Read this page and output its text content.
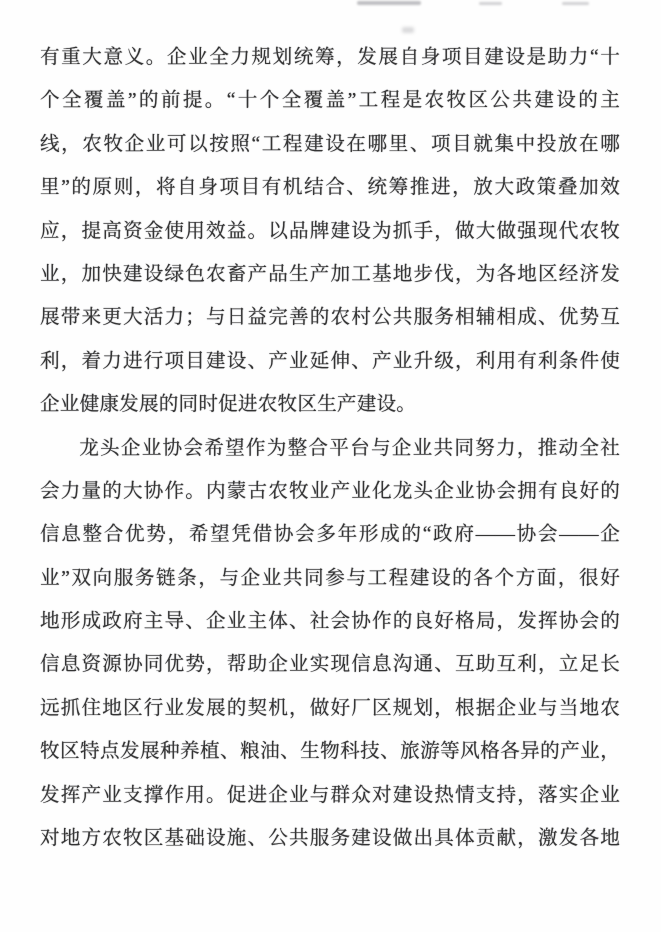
有重大意义。企业全力规划统筹，发展自身项目建设是助力“十
个全覆盖”的前提。“十个全覆盖”工程是农牧区公共建设的主
线，农牧企业可以按照“工程建设在哪里、项目就集中投放在哪
里”的原则，将自身项目有机结合、统筹推进，放大政策叠加效
应，提高资金使用效益。以品牌建设为抓手，做大做强现代农牧
业，加快建设绿色农畜产品生产加工基地步伐，为各地区经济发
展带来更大活力；与日益完善的农村公共服务相辅相成、优势互
利，着力进行项目建设、产业延伸、产业升级，利用有利条件使
企业健康发展的同时促进农牧区生产建设。
龙头企业协会希望作为整合平台与企业共同努力，推动全社
会力量的大协作。内蒙古农牧业产业化龙头企业协会拥有良好的
信息整合优势，希望凭借协会多年形成的“政府——协会——企
业”双向服务链条，与企业共同参与工程建设的各个方面，很好
地形成政府主导、企业主体、社会协作的良好格局，发挥协会的
信息资源协同优势，帮助企业实现信息沟通、互助互利，立足长
远抓住地区行业发展的契机，做好厂区规划，根据企业与当地农
牧区特点发展种养植、粮油、生物科技、旅游等风格各异的产业，
发挥产业支撑作用。促进企业与群众对建设热情支持，落实企业
对地方农牧区基础设施、公共服务建设做出具体贡献，激发各地
